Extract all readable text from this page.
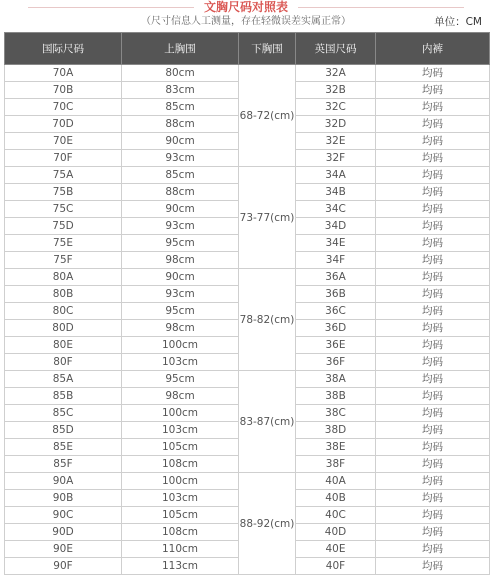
文胸尺码对照表
（尺寸信息人工测量，存在轻微误差实属正常）	单位：CM
国际尺码	上胸围	下胸围	英国尺码	内裤
70A	80cm	68-72(cm)	32A	均码
70B	83cm		32B	均码
70C	85cm		32C	均码
70D	88cm		32D	均码
70E	90cm		32E	均码
70F	93cm		32F	均码
75A	85cm	73-77(cm)	34A	均码
75B	88cm		34B	均码
75C	90cm		34C	均码
75D	93cm		34D	均码
75E	95cm		34E	均码
75F	98cm		34F	均码
80A	90cm	78-82(cm)	36A	均码
80B	93cm		36B	均码
80C	95cm		36C	均码
80D	98cm		36D	均码
80E	100cm		36E	均码
80F	103cm		36F	均码
85A	95cm	83-87(cm)	38A	均码
85B	98cm		38B	均码
85C	100cm		38C	均码
85D	103cm		38D	均码
85E	105cm		38E	均码
85F	108cm		38F	均码
90A	100cm	88-92(cm)	40A	均码
90B	103cm		40B	均码
90C	105cm		40C	均码
90D	108cm		40D	均码
90E	110cm		40E	均码
90F	113cm		40F	均码
